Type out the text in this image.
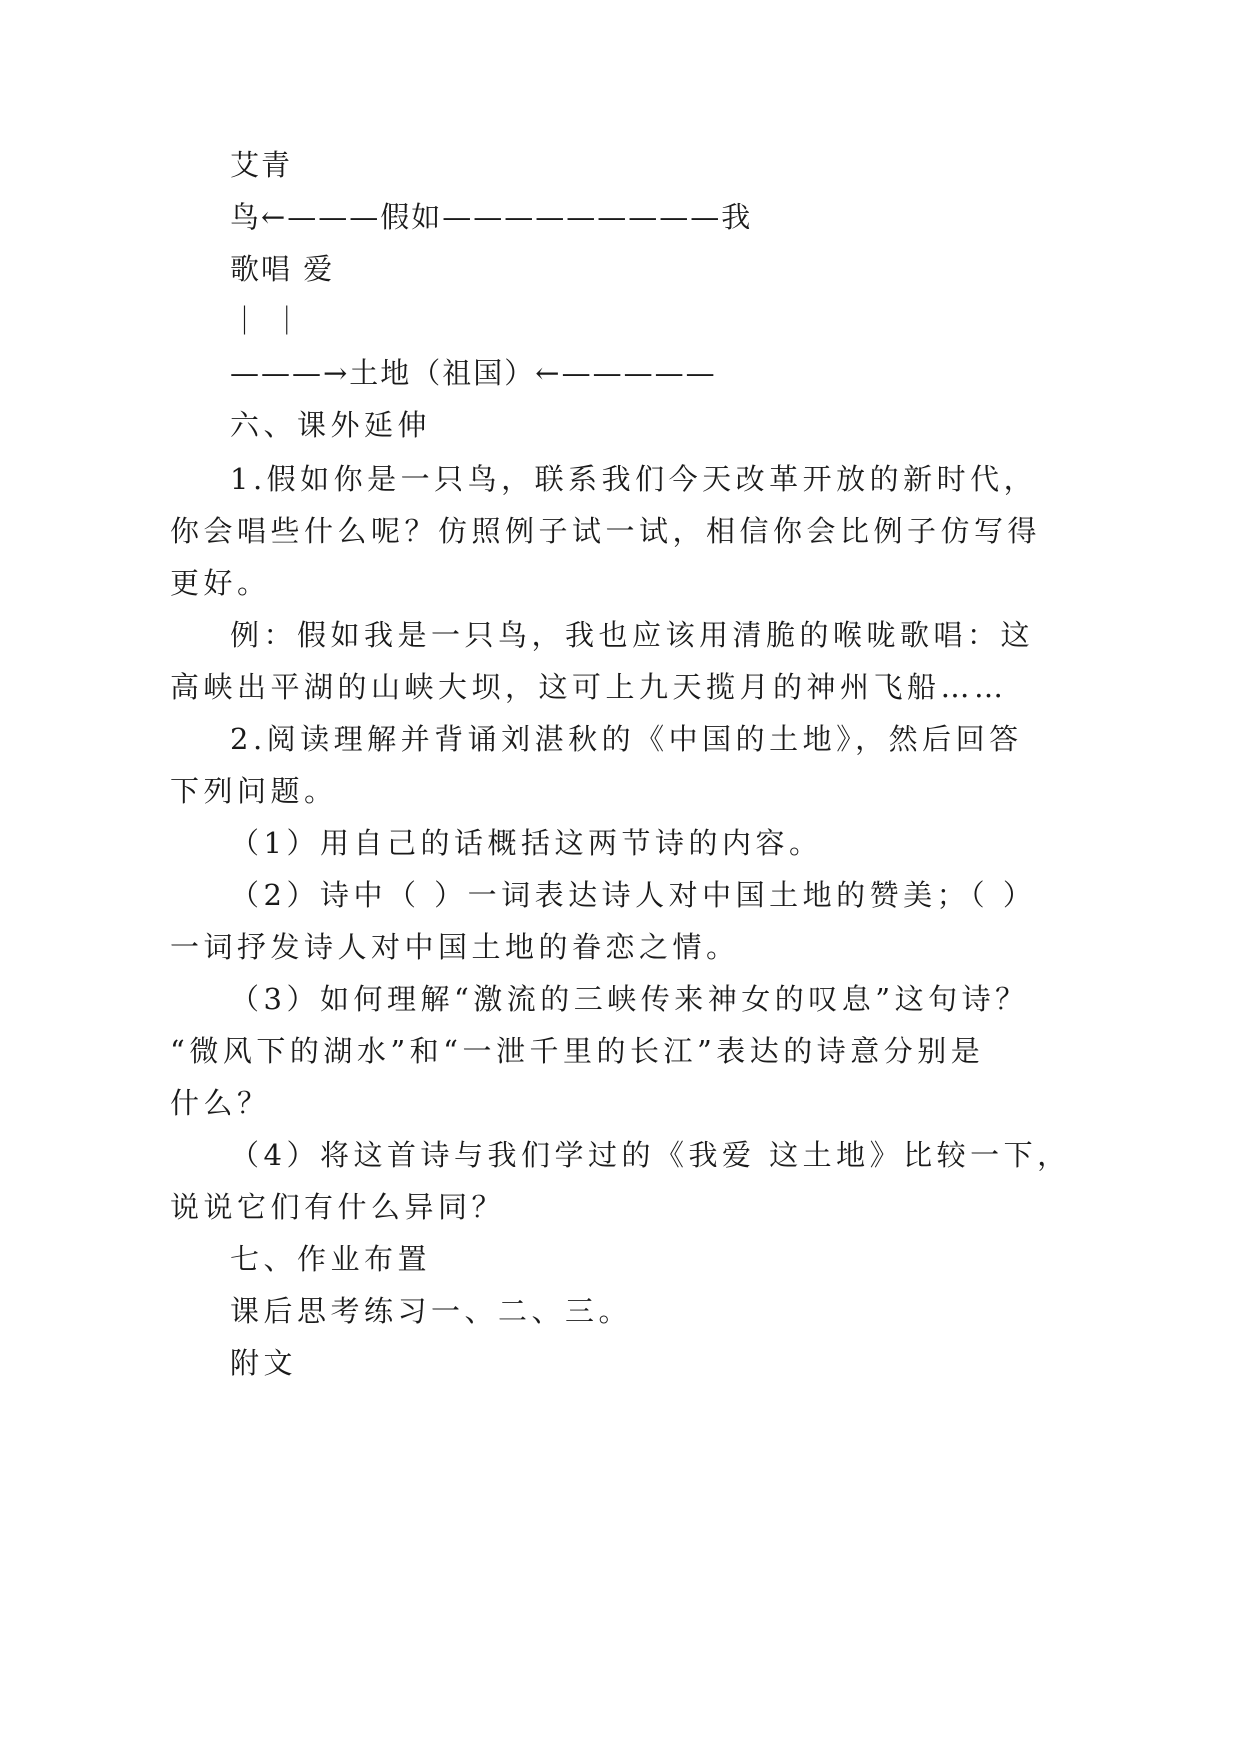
艾青
鸟←———假如—————————我
歌唱 爱
｜ ｜
———→土地（祖国）←—————
六、课外延伸
1.假如你是一只鸟，联系我们今天改革开放的新时代，
你会唱些什么呢？仿照例子试一试，相信你会比例子仿写得
更好。
例：假如我是一只鸟，我也应该用清脆的喉咙歌唱：这
高峡出平湖的山峡大坝，这可上九天揽月的神州飞船……
2.阅读理解并背诵刘湛秋的《中国的土地》，然后回答
下列问题。
（1）用自己的话概括这两节诗的内容。
（2）诗中（ ）一词表达诗人对中国土地的赞美；（ ）
一词抒发诗人对中国土地的眷恋之情。
（3）如何理解“激流的三峡传来神女的叹息”这句诗？
“微风下的湖水”和“一泄千里的长江”表达的诗意分别是
什么？
（4）将这首诗与我们学过的《我爱 这土地》比较一下，
说说它们有什么异同？
七、作业布置
课后思考练习一、二、三。
附文
